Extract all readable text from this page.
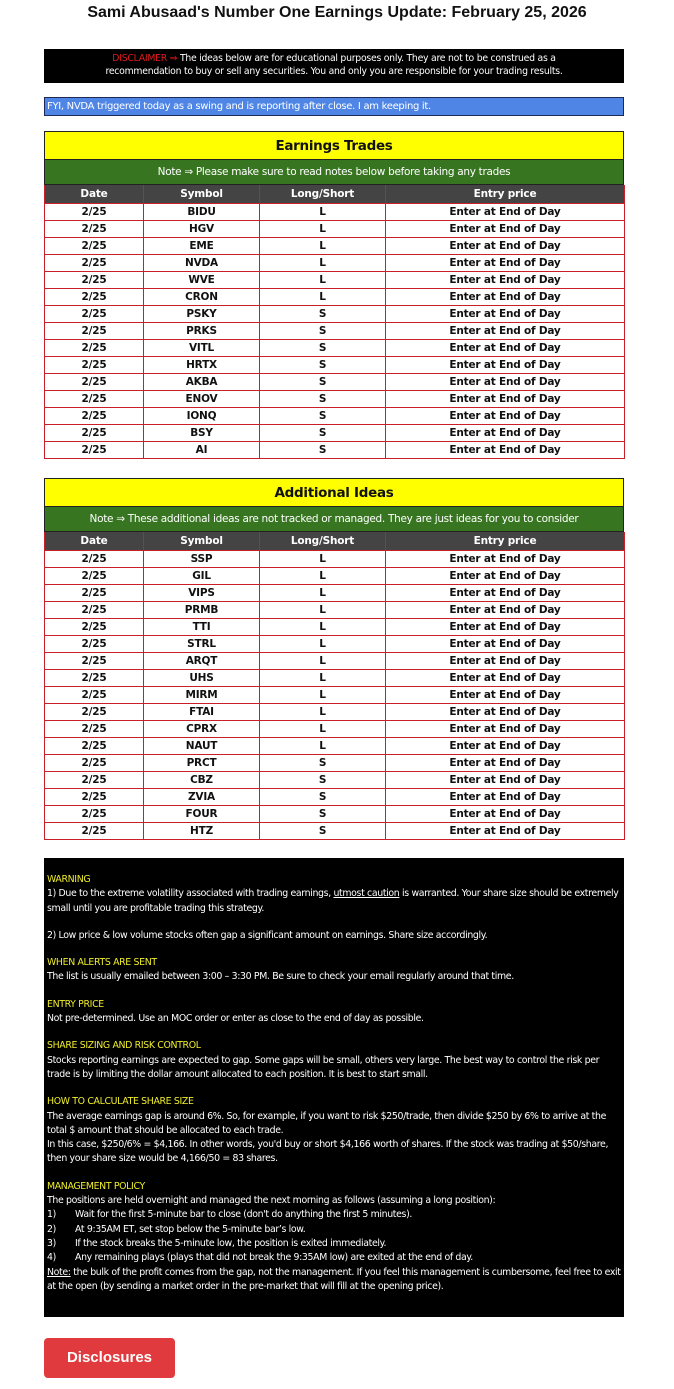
Sami Abusaad's Number One Earnings Update: February 25, 2026
DISCLAIMER ⇒ The ideas below are for educational purposes only. They are not to be construed as a
recommendation to buy or sell any securities. You and only you are responsible for your trading results.
FYI, NVDA triggered today as a swing and is reporting after close. I am keeping it.
Earnings Trades
Note ⇒ Please make sure to read notes below before taking any trades
Date	Symbol	Long/Short	Entry price
2/25	BIDU	L	Enter at End of Day
2/25	HGV	L	Enter at End of Day
2/25	EME	L	Enter at End of Day
2/25	NVDA	L	Enter at End of Day
2/25	WVE	L	Enter at End of Day
2/25	CRON	L	Enter at End of Day
2/25	PSKY	S	Enter at End of Day
2/25	PRKS	S	Enter at End of Day
2/25	VITL	S	Enter at End of Day
2/25	HRTX	S	Enter at End of Day
2/25	AKBA	S	Enter at End of Day
2/25	ENOV	S	Enter at End of Day
2/25	IONQ	S	Enter at End of Day
2/25	BSY	S	Enter at End of Day
2/25	AI	S	Enter at End of Day
Additional Ideas
Note ⇒ These additional ideas are not tracked or managed. They are just ideas for you to consider
Date	Symbol	Long/Short	Entry price
2/25	SSP	L	Enter at End of Day
2/25	GIL	L	Enter at End of Day
2/25	VIPS	L	Enter at End of Day
2/25	PRMB	L	Enter at End of Day
2/25	TTI	L	Enter at End of Day
2/25	STRL	L	Enter at End of Day
2/25	ARQT	L	Enter at End of Day
2/25	UHS	L	Enter at End of Day
2/25	MIRM	L	Enter at End of Day
2/25	FTAI	L	Enter at End of Day
2/25	CPRX	L	Enter at End of Day
2/25	NAUT	L	Enter at End of Day
2/25	PRCT	S	Enter at End of Day
2/25	CBZ	S	Enter at End of Day
2/25	ZVIA	S	Enter at End of Day
2/25	FOUR	S	Enter at End of Day
2/25	HTZ	S	Enter at End of Day

WARNING

1) Due to the extreme volatility associated with trading earnings, utmost caution is warranted. Your share size should be extremely small until you are profitable trading this strategy.

2) Low price & low volume stocks often gap a significant amount on earnings. Share size accordingly.

WHEN ALERTS ARE SENT

The list is usually emailed between 3:00 – 3:30 PM. Be sure to check your email regularly around that time.

ENTRY PRICE

Not pre-determined. Use an MOC order or enter as close to the end of day as possible.

SHARE SIZING AND RISK CONTROL

Stocks reporting earnings are expected to gap. Some gaps will be small, others very large. The best way to control the risk per trade is by limiting the dollar amount allocated to each position. It is best to start small.

HOW TO CALCULATE SHARE SIZE

The average earnings gap is around 6%. So, for example, if you want to risk $250/trade, then divide $250 by 6% to arrive at the total $ amount that should be allocated to each trade.

In this case, $250/6% = $4,166. In other words, you'd buy or short $4,166 worth of shares. If the stock was trading at $50/share, then your share size would be 4,166/50 = 83 shares.

MANAGEMENT POLICY

The positions are held overnight and managed the next morning as follows (assuming a long position):

1)	Wait for the first 5-minute bar to close (don't do anything the first 5 minutes).
2)	At 9:35AM ET, set stop below the 5-minute bar’s low.
3)	If the stock breaks the 5-minute low, the position is exited immediately.
4)	Any remaining plays (plays that did not break the 9:35AM low) are exited at the end of day.

Note: the bulk of the profit comes from the gap, not the management. If you feel this management is cumbersome, feel free to exit at the open (by sending a market order in the pre-market that will fill at the opening price).

Disclosures
